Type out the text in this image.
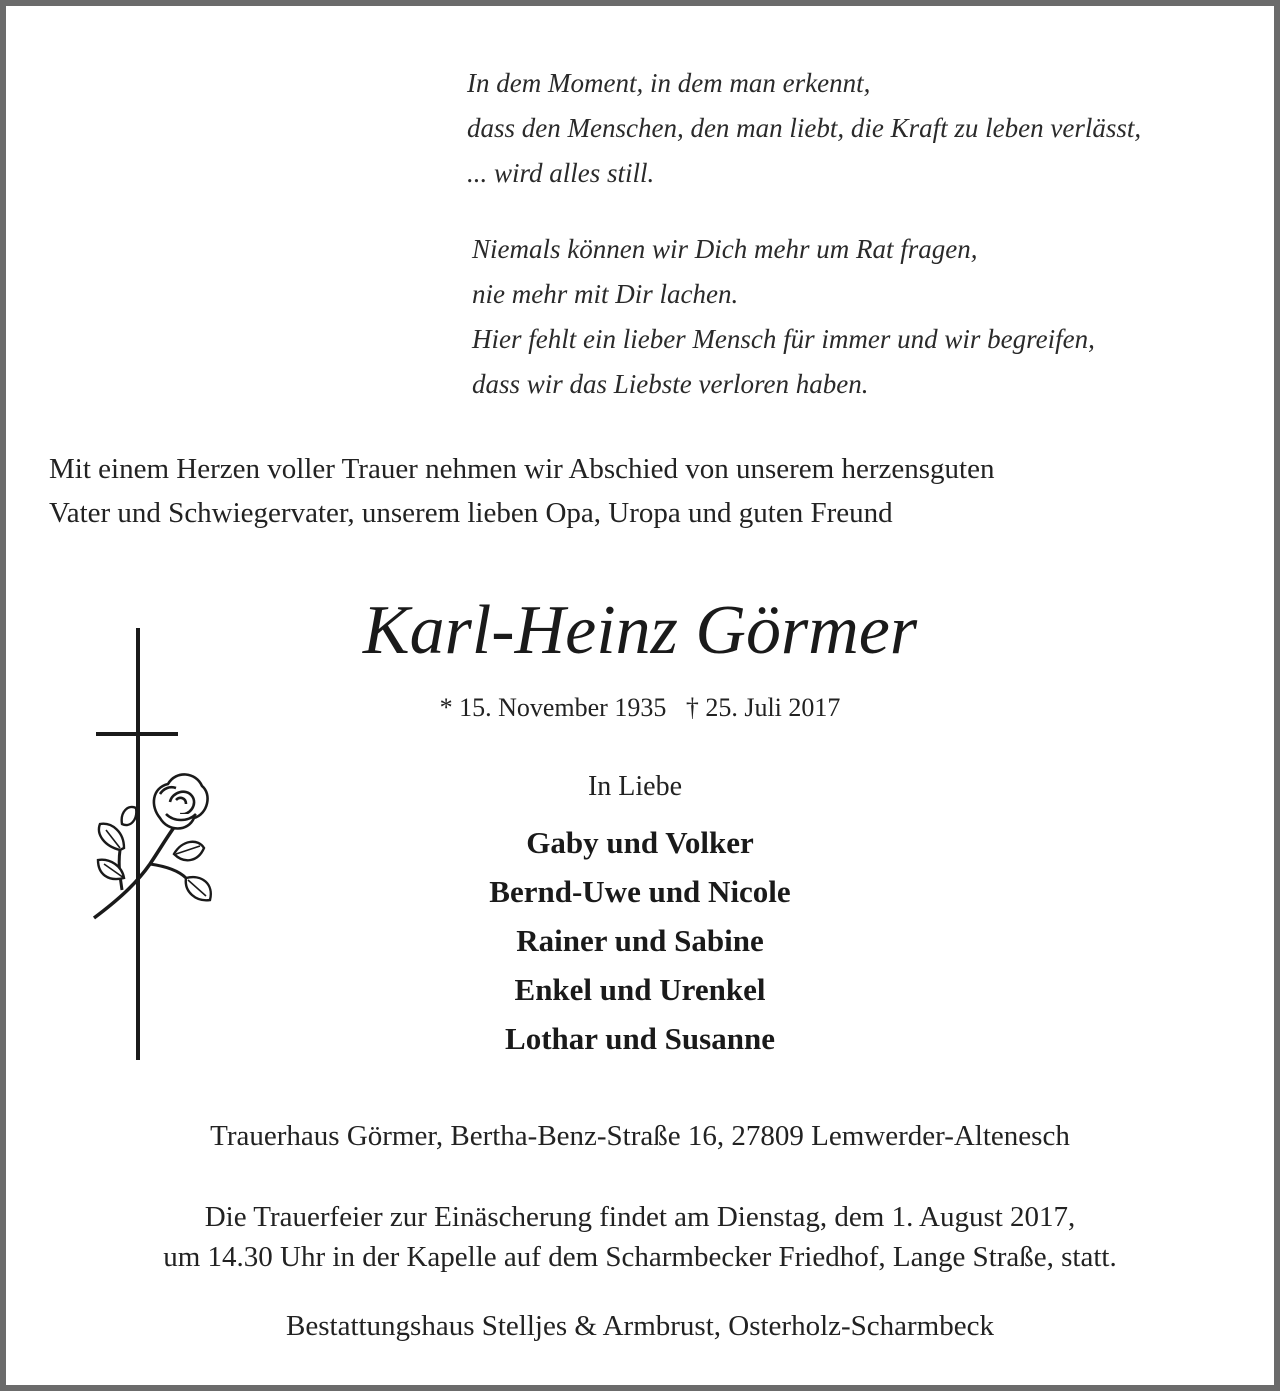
In dem Moment, in dem man erkennt,
dass den Menschen, den man liebt, die Kraft zu leben verlässt,
... wird alles still.
Niemals können wir Dich mehr um Rat fragen,
nie mehr mit Dir lachen.
Hier fehlt ein lieber Mensch für immer und wir begreifen,
dass wir das Liebste verloren haben.
Mit einem Herzen voller Trauer nehmen wir Abschied von unserem herzensguten
Vater und Schwiegervater, unserem lieben Opa, Uropa und guten Freund
Karl-Heinz Görmer
* 15. November 1935   † 25. Juli 2017
In Liebe
Gaby und Volker
Bernd-Uwe und Nicole
Rainer und Sabine
Enkel und Urenkel
Lothar und Susanne
Trauerhaus Görmer, Bertha-Benz-Straße 16, 27809 Lemwerder-Altenesch
Die Trauerfeier zur Einäscherung findet am Dienstag, dem 1. August 2017,
um 14.30 Uhr in der Kapelle auf dem Scharmbecker Friedhof, Lange Straße, statt.
Bestattungshaus Stelljes & Armbrust, Osterholz-Scharmbeck
